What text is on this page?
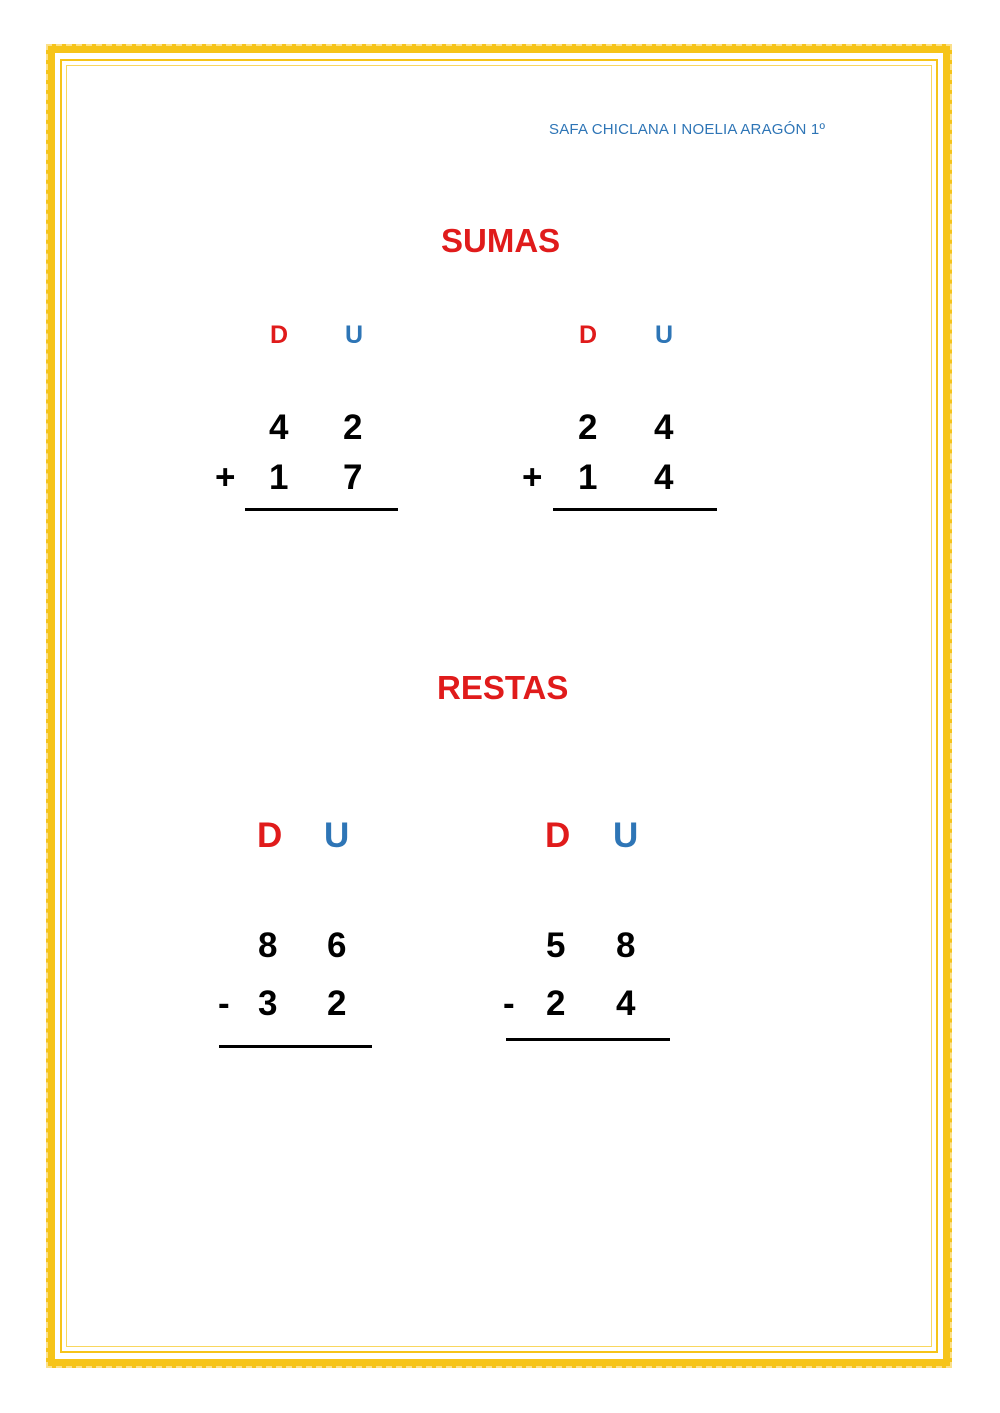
SAFA CHICLANA I NOELIA ARAGÓN 1º
SUMAS
D U
4 2
+ 1 7
D U
2 4
+ 1 4
RESTAS
D U
8 6
- 3 2
D U
5 8
- 2 4
